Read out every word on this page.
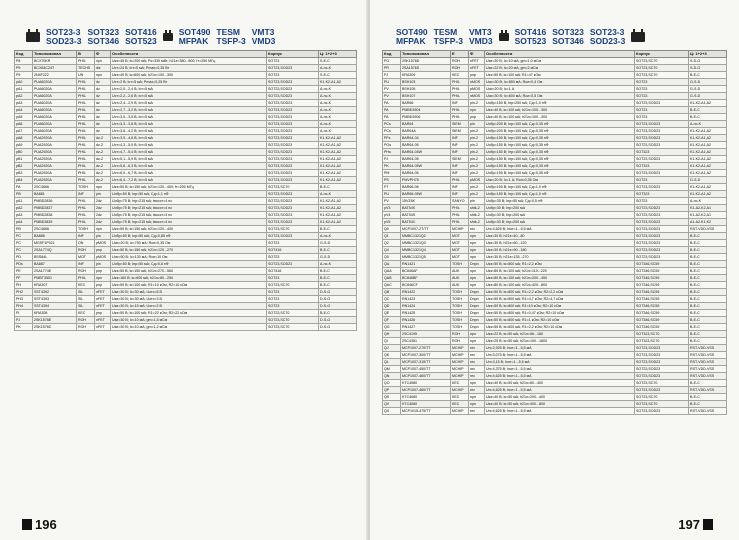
SOT23-3
SOD23-3
SOT323
SOT346
SOT416
SOT523
SOT490
MFPAK
TESM
TSFP-3
VMT3
VMD3
Код	Типономинал	В	Ф	Особенности	Корпус	Ц: 1+2+3
P8	BCX70KR	PHIL	npn	Uкэ=45 В; Iк=200 мА; Pк=330 мВт; h21э=380...800; fт=250 МГц	SOT23	S-E-C
P9	BCX84C24T	TECHS	diz	Uст=24 В; Iст=5 мА; Pmax=0,35 Вт	SOT23,SOD23	A-nc-K
P9	2N4F222	UN	npn	Uкэ=40 В; Iк=600 мА; h21э=100...300	SOT23	S-E-C
pA0	PUA6020A	PHIL	dz	Uст=2 В; Iст=5 мА; Pmax=0,25 Вт	SOT23,SOD23	K1-K2-A1,A2
pA1	PUA6020A	PHIL	dz	Uст=2,0...2,4 В; Iст=5 мА	SOT23,SOD23	A-nc-K
pA2	PUA6020A	PHIL	dz	Uст=2,2...2,6 В; Iст=5 мА	SOT23,SOD23	A-nc-K
pA3	PUA6020A	PHIL	dz	Uст=2,4...2,9 В; Iст=5 мА	SOT23,SOD23	A-nc-K
pA4	PUA6020A	PHIL	dz	Uст=2,7...3,2 В; Iст=5 мА	SOT23,SOD23	A-nc-K
pA5	PUA6020A	PHIL	dz	Uст=3,0...3,5 В; Iст=5 мА	SOT23,SOD23	A-nc-K
pA6	PUA6020A	PHIL	dz	Uст=3,3...3,8 В; Iст=5 мА	SOT23,SOD23	A-nc-K
pA7	PUA6020A	PHIL	dz	Uст=3,6...4,2 В; Iст=5 мА	SOT23,SOD23	A-nc-K
pA8	PUA2920A	PHIL	dz-2	Uст=3,9...4,6 В; Iст=5 мА	SOT23,SOD23	K1-K2-A1,A2
pA9	PUA2920A	PHIL	dz-2	Uст=4,3...5,0 В; Iст=5 мА	SOT23,SOD23	K1-K2-A1,A2
pB0	PUA2920A	PHIL	dz-2	Uст=4,7...5,4 В; Iст=5 мА	SOT23,SOD23	K1-K2-A1,A2
pB1	PUA2920A	PHIL	dz-2	Uст=5,1...5,9 В; Iст=5 мА	SOT23,SOD23	K1-K2-A1,A2
pB2	PUA2920A	PHIL	dz-2	Uст=5,6...6,3 В; Iст=5 мА	SOT23,SOD23	K1-K2-A1,A2
pB3	PUA2920A	PHIL	dz-2	Uст=6,0...6,7 В; Iст=5 мА	SOT23,SOD23	K1-K2-A1,A2
pB4	PUA2920A	PHIL	dz-2	Uст=6,4...7,2 В; Iст=5 мА	SOT23,SOD23	K1-K2-A1,A2
PA	2SC4666	TOSH	npn	Uкэ=50 В; Iк=150 мА; h21э=120...400; fт=200 МГц	SOT23,SC70	B-E-C
PB	BA881	INF	pin	Uобр=50 В; Iпр=50 мА; Cд=1,1 пФ	SOT23,SOD23	A-nc-K
pA1	PMBD2836	PHIL	2dz	Uобр=75 В; Iпр=215 мА; tвосст=4 нс	SOT23,SOD23	K1-K2-A1,A2
pA2	PMBD2837	PHIL	2dz	Uобр=75 В; Iпр=215 мА; tвосст=4 нс	SOT23,SOD23	K1-K2-A1,A2
pA3	PMBD2838	PHIL	2dz	Uобр=75 В; Iпр=215 мА; tвосст=4 нс	SOT23,SOD23	K1-K2-A1,A2
pA4	PMBD3839	PHIL	2dz	Uобр=75 В; Iпр=215 мА; tвосст=4 нс	SOT23,SOD23	K1-K2-A1,A2
PB	2SC4666	TOSH	npn	Uкэ=50 В; Iк=150 мА; h21э=120...400	SOT23,SC70	B-E-C
PC	BA886	INF	pin	Uобр=50 В; Iпр=50 мА; Cд=0,85 пФ	SOT23,SOD23	A-nc-K
PC	MGSF1P02L	ON	pMOS	Uси=20 В; Iс=750 мА; Rси=0,35 Ом	SOT23	G-S-D
PC	2SA1774Q	ROH	pnp	Uкэ=50 В; Iк=150 мА; h21э=120...270	SOT416	B-E-C
PD	BSS84L	MOT	pMOS	Uси=50 В; Iс=130 мА; Rси=10 Ом	SOT23	G-S-D
PDs	BA887	INF	pin	Uобр=50 В; Iпр=50 мА; Cд=0,8 пФ	SOT23,SOD23	A-nc-K
PE	2SA1774E	ROH	pnp	Uкэ=50 В; Iк=150 мА; h21э=270...560	SOT416	B-E-C
PF	PMBT3551	PHIL	npn	Uкэ=160 В; Iк=600 мА; h21э=80...250	SOT23	B-E-C
PH	KRA307	KEC	pnp	Uкэ=50 В; Iк=100 мА; R1=10 кОм; R2=10 кОм	SOT23,SC70	B-E-C
PH2	SST4392	SIL	nFET	Uзи=30 В; Iс=30 мА; Uотс=5 В	SOT23	D-S-G
PH3	SST4393	SIL	nFET	Uзи=30 В; Iс=30 мА; Uотс=3 В	SOT23	D-S-G
PH4	SST4394	SIL	nFET	Uзи=30 В; Iс=15 мА; Uотс=2 В	SOT23	D-S-G
PI	KRA308	KEC	pnp	Uкэ=50 В; Iк=100 мА; R1=22 кОм; R2=22 кОм	SOT23,SC70	B-E-C
PJ	2SK1578E	ROH	nFET	Uзи=30 В; Iс=10 мА; gm=1,5 мСм	SOT23,SC70	D-S-G
PK	2SK1578C	ROH	nFET	Uзи=30 В; Iс=10 мА; gm=1,2 мСм	SOT23,SC70	D-S-G
196
SOT490
MFPAK
TESM
TSFP-3
VMT3
VMD3
SOT416
SOT523
SOT323
SOT346
SOT23-3
SOD23-3
Код	Типономинал	Е	Ф	Особенности	Корпус	Ц: 1+2+3
PO	2SK1578D	ROH	nFET	Uзи=30 В; Iс=10 мА; gm=1,0 мСм	SOT23,SC70	S-D-G
PR	2SA1576S	ROH	nFET	Uзи=22 В; Iс=20 мА; gm=2 мСм	SOT23,SC70	S-D-G
PJ	KRA309	KEC	pnp	Uкэ=50 В; Iк=100 мА; R1=47 кОм	SOT23,SC70	B-E-C
PU	BSH103	PHIL	nMOS	Uси=30 В; Iс=850 мА; Rси=0,4 Ом	SOT23	G-S-D
PV	BSH105	PHIL	pMOS	Uси=20 В; Iс=1 А	SOT23	G-S-D
PV	BSH107	PHIL	nMOS	Uси=30 В; Iс=600 мА; Rси=0,5 Ом	SOT23	G-S-D
PA	BAR66	INF	pin-2	Uобр=150 В; Iпр=200 мА; Cд=1,0 пФ	SOT23,SOD23	K1-K2-A1,A2
PA	PMBD3904	PHIL	npn	Uкэ=40 В; Iк=100 мА; h21э=100...300	SOT23	B-E-C
PA	PMBD3906	PHIL	pnp	Uкэ=40 В; Iк=100 мА; h21э=100...300	SOT23	B-E-C
PCs	BAR64	SIEM	pin	Uобр=200 В; Iпр=100 мА; Cд=0,35 пФ	SOT23,SOD23	A-nc-K
PCs	BAR64A	SIEM	pin-2	Uобр=200 В; Iпр=100 мА; Cд=0,35 пФ	SOT23,SOD23	K1-K2-A1,A2
PFs	BAR64-04	INF	pin-2	Uобр=150 В; Iпр=100 мА; Cд=0,35 пФ	SOT23,SOD23	K1-K2-A1,A2
PGs	BAR64-05	INF	pin-2	Uобр=150 В; Iпр=100 мА; Cд=0,35 пФ	SOT23,SOD23	K1-K2-A1,A2
PHs	BAR64-04W	INF	pin-2	Uобр=150 В; Iпр=100 мА; Cд=0,35 пФ	SOT323	K1-K2-A1,A2
PJ	BAR64-05	SIEM	pin-2	Uобр=150 В; Iпр=100 мА; Cд=0,35 пФ	SOT23,SOD23	K1-K2-A1,A2
PK	BAR64-05W	INF	pin-2	Uобр=150 В; Iпр=100 мА; Cд=0,35 пФ	SOT323	K1-K2-A1,A2
PM	BAR64-06	INF	pin-2	Uобр=150 В; Iпр=100 мА; Cд=0,35 пФ	SOT23,SOD23	K1-K2-A1,A2
PS	PMVPH75	PHIL	pMOS	Uси=20 В; Iс=1 А; Rси=0,35 Ом	SOT23	G-S-D
PT	BAR66-06	INF	pin-2	Uобр=150 В; Iпр=100 мА; Cд=1,0 пФ	SOT23,SOD23	K1-K2-A1,A2
PU	BAR66-05W	INF	pin-2	Uобр=150 В; Iпр=100 мА; Cд=1,0 пФ	SOT323	K1-K2-A1,A2
PV	15VZ6K	SANYO	pin	Uобр=35 В; Iпр=50 мА; Cд=0,5 пФ	SOT23	A-nc-K
pV3	BAT54S	PHIL	shtk-2	Uобр=30 В; Iпр=200 мА	SOT23,SOD23	K1-A2-K2,A1
pV4	BAT54S	PHIL	shtk-2	Uобр=30 В; Iпр=200 мА	SOT23,SOD23	K1-A2-K2,A1
pV5	BAT54C	PHIL	shtk-2	Uобр=30 В; Iпр=200 мА	SOT23,SOD23	A1-A2-K1,K2
Q0	MCP1007-2T/TT	MCHIP	rec	Uп=4,625 В; Iпот=1...5,5 мА	SOT23,SOD23	RST-VDD-VSS
Q1	MMBC1321Q2	MOT	npn	Uкэ=30 В; h21э=40...80	SOT23,SOD23	B-E-C
Q2	MMBC1321Q3	MOT	npn	Uкэ=30 В; h21э=60...120	SOT23,SOD23	B-E-C
Q4	MMBC1321Q4	MOT	npn	Uкэ=30 В; h21э=90...180	SOT23,SOD23	B-E-C
Q5	MMBC1321Q5	MOT	npn	Uкэ=30 В; h21э=135...270	SOT23,SOD23	B-E-C
QA	RN1421	TOSH	Dnpn	Uкэ=50 В; Iк=800 мА; R1=2,2 кОм	SOT346,SC59	B-E-C
QAA	BC846AF	AUK	npn	Uкэ=80 В; Iк=100 мА; h21э=110...220	SOT346,SC59	B-E-C
QAB	BC846BF	AUK	npn	Uкэ=80 В; Iк=100 мА; h21э=200...450	SOT346,SC59	B-E-C
QAC	BC846CF	AUK	npn	Uкэ=80 В; Iк=100 мА; h21э=420...800	SOT346,SC59	B-E-C
QB	RN1422	TOSH	Dnpn	Uкэ=50 В; Iк=800 мА; R1=2,2 кОм; R2=2,2 кОм	SOT346,SC59	B-E-C
QC	RN1423	TOSH	Dnpn	Uкэ=50 В; Iк=800 мА; R1=4,7 кОм; R2=4,7 кОм	SOT346,SC59	B-E-C
QD	RN1424	TOSH	Dnpn	Uкэ=50 В; Iк=800 мА; R1=10 кОм; R2=10 кОм	SOT346,SC59	B-E-C
QE	RN1425	TOSH	Dnpn	Uкэ=50 В; Iк=800 мА; R1=0,47 кОм; R2=10 кОм	SOT346,SC59	B-E-C
QF	RN1426	TOSH	Dnpn	Uкэ=50 В; Iк=800 мА; R1=1 кОм; R2=10 кОм	SOT346,SC59	B-E-C
QG	RN1427	TOSH	Dnpn	Uкэ=50 В; Iк=800 мА; R1=2,2 кОм; R2=10 кОм	SOT346,SC59	B-E-C
QH	2SC4195	ROH	npn	Uкэ=22 В; Iк=50 мА; h21э=56...180	SOT323,SC70	B-E-C
QI	2SC4351	ROH	npn	Uкэ=25 В; Iк=50 мА; h21э=100...1800	SOT323,SC70	B-E-C
QJ	MCP1007-270/TT	MCHIP	rec	Uп=2,925 В; Iпот=1...5,5 мА	SOT23,SOD23	RST-VDD-VSS
QK	MCP1007-300/TT	MCHIP	rec	Uп=3,075 В; Iпот=1...5,5 мА	SOT23,SOD23	RST-VDD-VSS
QL	MCP1007-315/TT	MCHIP	rec	Uп=3,15 В; Iпот=1...5,5 мА	SOT23,SOD23	RST-VDD-VSS
QM	MCP1007-450/TT	MCHIP	rec	Uп=4,375 В; Iпот=1...5,5 мА	SOT23,SOD23	RST-VDD-VSS
QN	MCP1007-460/TT	MCHIP	rec	Uп=4,625 В; Iпот=1...5,5 мА	SOT23,SOD23	RST-VDD-VSS
QO	KTC4080	KEC	npn	Uкэ=40 В; Iк=50 мА; h21э=60...400	SOT23,SC70	B-E-C
QP	MCP1007-460/TT	MCHIP	rec	Uп=4,625 В; Iпот=1...5,5 мА	SOT23,SOD23	RST-VDD-VSS
QS	KTC4080	KEC	npn	Uкэ=40 В; Iк=50 мА; h21э=200...400	SOT23,SC70	B-E-C
QV	KTC4080	KEC	npn	Uкэ=40 В; Iк=50 мА; h21э=400...800	SOT23,SC70	B-E-C
QX	MCP1015-475/TT	MCHIP	rec	Uп=4,625 В; Iпот=1...5,5 мА	SOT23,SOD23	RST-VDD-VSS
197
